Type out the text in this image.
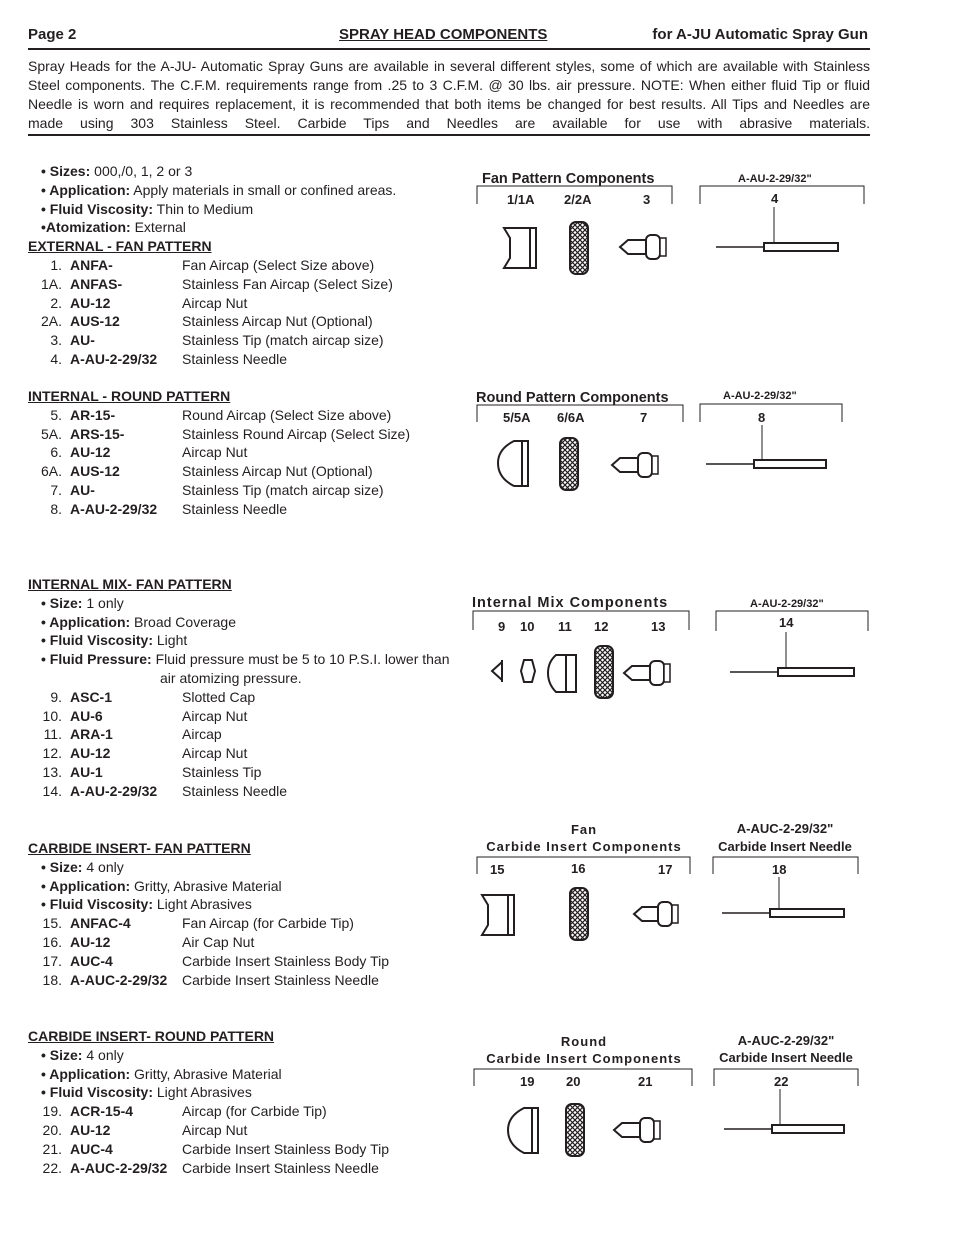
Page 2	SPRAY HEAD COMPONENTS	for A-JU Automatic Spray Gun

Spray Heads for the A-JU- Automatic Spray Guns are available in several different styles, some of which are available with Stainless Steel components. The C.F.M. requirements range from .25 to 3 C.F.M. @ 30 lbs. air pressure. NOTE: When either fluid Tip or fluid Needle is worn and requires replacement, it is recommended that both items be changed for best results. All Tips and Needles are made using 303 Stainless Steel. Carbide Tips and Needles are available for use with abrasive materials.

• Sizes: 000,/0, 1, 2 or 3
• Application: Apply materials in small or confined areas.
• Fluid Viscosity: Thin to Medium
•Atomization: External
EXTERNAL - FAN PATTERN
1. ANFA-	Fan Aircap (Select Size above)
1A. ANFAS-	Stainless Fan Aircap (Select Size)
2. AU-12	Aircap Nut
2A. AUS-12	Stainless Aircap Nut (Optional)
3. AU-	Stainless Tip (match aircap size)
4. A-AU-2-29/32	Stainless Needle
INTERNAL - ROUND PATTERN
5. AR-15-	Round Aircap (Select Size above)
5A. ARS-15-	Stainless Round Aircap (Select Size)
6. AU-12	Aircap Nut
6A. AUS-12	Stainless Aircap Nut (Optional)
7. AU-	Stainless Tip (match aircap size)
8. A-AU-2-29/32	Stainless Needle
INTERNAL MIX- FAN PATTERN
• Size: 1 only
• Application: Broad Coverage
• Fluid Viscosity: Light
• Fluid Pressure: Fluid pressure must be 5 to 10 P.S.I. lower than
air atomizing pressure.
9. ASC-1	Slotted Cap
10. AU-6	Aircap Nut
11. ARA-1	Aircap
12. AU-12	Aircap Nut
13. AU-1	Stainless Tip
14. A-AU-2-29/32	Stainless Needle
CARBIDE INSERT- FAN PATTERN
• Size: 4 only
• Application: Gritty, Abrasive Material
• Fluid Viscosity: Light Abrasives
15. ANFAC-4	Fan Aircap (for Carbide Tip)
16. AU-12	Air Cap Nut
17. AUC-4	Carbide Insert Stainless Body Tip
18. A-AUC-2-29/32	Carbide Insert Stainless Needle
CARBIDE INSERT- ROUND PATTERN
• Size: 4 only
• Application: Gritty, Abrasive Material
• Fluid Viscosity: Light Abrasives
19. ACR-15-4	Aircap (for Carbide Tip)
20. AU-12	Aircap Nut
21. AUC-4	Carbide Insert Stainless Body Tip
22. A-AUC-2-29/32	Carbide Insert Stainless Needle
Fan Pattern Components
1/1A 2/2A	3
A-AU-2-29/32"
4
Round Pattern Components
5/5A 6/6A	7
A-AU-2-29/32"
8
Internal Mix Components
9 10 11 12	13
A-AU-2-29/32"
14
Fan
Carbide Insert Components
15	16	17
A-AUC-2-29/32"
Carbide Insert Needle
18
Round
Carbide Insert Components
19 20	21
A-AUC-2-29/32"
Carbide Insert Needle
22
